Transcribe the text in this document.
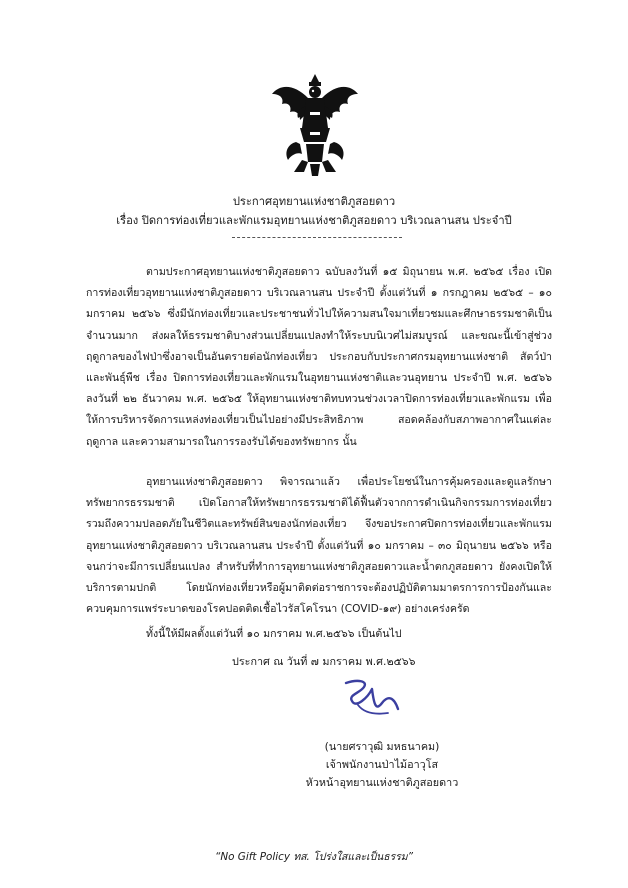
ประกาศอุทยานแห่งชาติภูสอยดาว
เรื่อง ปิดการท่องเที่ยวและพักแรมอุทยานแห่งชาติภูสอยดาว บริเวณลานสน ประจำปี

ตามประกาศอุทยานแห่งชาติภูสอยดาว ฉบับลงวันที่ ๑๕ มิถุนายน พ.ศ. ๒๕๖๕ เรื่อง เปิดการท่องเที่ยวอุทยานแห่งชาติภูสอยดาว บริเวณลานสน ประจำปี ตั้งแต่วันที่ ๑ กรกฎาคม ๒๕๖๕ – ๑๐ มกราคม ๒๕๖๖ ซึ่งมีนักท่องเที่ยวและประชาชนทั่วไปให้ความสนใจมาเที่ยวชมและศึกษาธรรมชาติเป็นจำนวนมาก ส่งผลให้ธรรมชาติบางส่วนเปลี่ยนแปลงทำให้ระบบนิเวศไม่สมบูรณ์ และขณะนี้เข้าสู่ช่วงฤดูกาลของไฟป่าซึ่งอาจเป็นอันตรายต่อนักท่องเที่ยว ประกอบกับประกาศกรมอุทยานแห่งชาติ สัตว์ป่า และพันธุ์พืช เรื่อง ปิดการท่องเที่ยวและพักแรมในอุทยานแห่งชาติและวนอุทยาน ประจำปี พ.ศ. ๒๕๖๖ ลงวันที่ ๒๒ ธันวาคม พ.ศ. ๒๕๖๕ ให้อุทยานแห่งชาติทบทวนช่วงเวลาปิดการท่องเที่ยวและพักแรม เพื่อให้การบริหารจัดการแหล่งท่องเที่ยวเป็นไปอย่างมีประสิทธิภาพ สอดคล้องกับสภาพอากาศในแต่ละฤดูกาล และความสามารถในการรองรับได้ของทรัพยากร นั้น

อุทยานแห่งชาติภูสอยดาว พิจารณาแล้ว เพื่อประโยชน์ในการคุ้มครองและดูแลรักษาทรัพยากรธรรมชาติ เปิดโอกาสให้ทรัพยากรธรรมชาติได้ฟื้นตัวจากการดำเนินกิจกรรมการท่องเที่ยว รวมถึงความปลอดภัยในชีวิตและทรัพย์สินของนักท่องเที่ยว จึงขอประกาศปิดการท่องเที่ยวและพักแรมอุทยานแห่งชาติภูสอยดาว บริเวณลานสน ประจำปี ตั้งแต่วันที่ ๑๐ มกราคม – ๓๐ มิถุนายน ๒๕๖๖ หรือจนกว่าจะมีการเปลี่ยนแปลง สำหรับที่ทำการอุทยานแห่งชาติภูสอยดาวและน้ำตกภูสอยดาว ยังคงเปิดให้บริการตามปกติ โดยนักท่องเที่ยวหรือผู้มาติดต่อราชการจะต้องปฏิบัติตามมาตรการการป้องกันและควบคุมการแพร่ระบาดของโรคปอดติดเชื้อไวรัสโคโรนา (COVID-๑๙) อย่างเคร่งครัด

ทั้งนี้ให้มีผลตั้งแต่วันที่ ๑๐ มกราคม พ.ศ.๒๕๖๖ เป็นต้นไป

ประกาศ ณ วันที่ ๗ มกราคม พ.ศ.๒๕๖๖
(นายศราวุฒิ มหธนาคม)
เจ้าพนักงานป่าไม้อาวุโส
หัวหน้าอุทยานแห่งชาติภูสอยดาว
“No Gift Policy ทส. โปร่งใสและเป็นธรรม”
